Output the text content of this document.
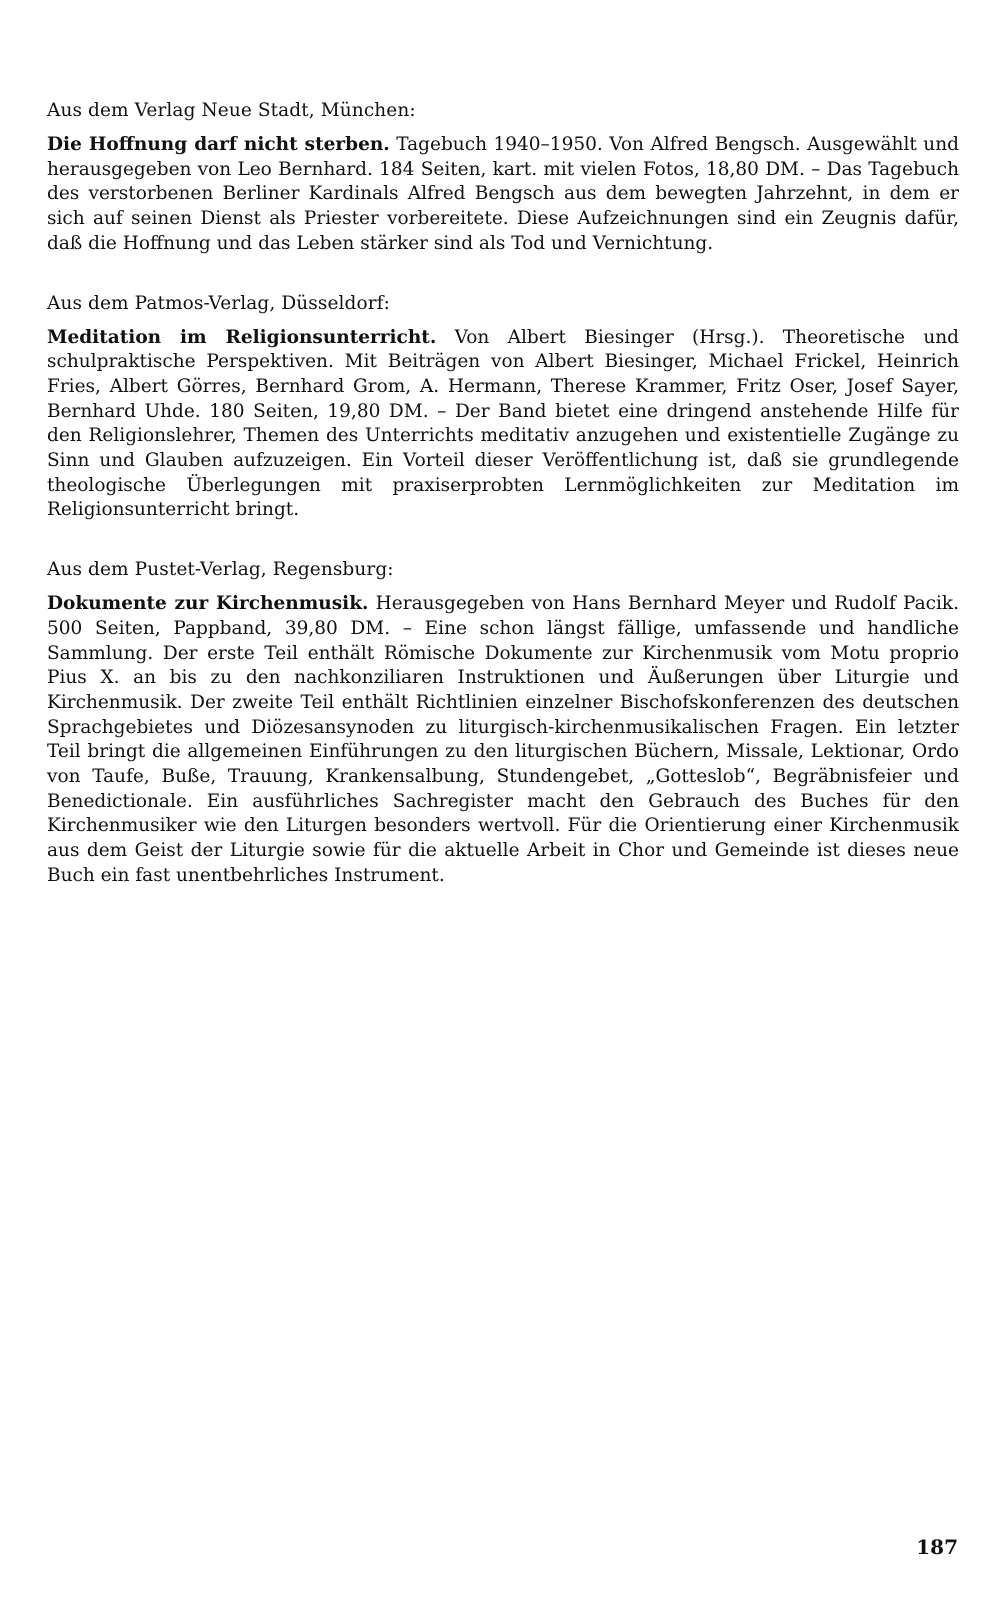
Aus dem Verlag Neue Stadt, München:

Die Hoffnung darf nicht sterben. Tagebuch 1940–1950. Von Alfred Bengsch. Ausgewählt und herausgegeben von Leo Bernhard. 184 Seiten, kart. mit vielen Fotos, 18,80 DM. – Das Tagebuch des verstorbenen Berliner Kardinals Alfred Bengsch aus dem bewegten Jahrzehnt, in dem er sich auf seinen Dienst als Priester vorbereitete. Diese Aufzeichnungen sind ein Zeugnis dafür, daß die Hoffnung und das Leben stärker sind als Tod und Vernichtung.

Aus dem Patmos-Verlag, Düsseldorf:

Meditation im Religionsunterricht. Von Albert Biesinger (Hrsg.). Theoretische und schulpraktische Perspektiven. Mit Beiträgen von Albert Biesinger, Michael Frickel, Heinrich Fries, Albert Görres, Bernhard Grom, A. Hermann, Therese Krammer, Fritz Oser, Josef Sayer, Bernhard Uhde. 180 Seiten, 19,80 DM. – Der Band bietet eine dringend anstehende Hilfe für den Religionslehrer, Themen des Unterrichts meditativ anzugehen und existentielle Zugänge zu Sinn und Glauben aufzuzeigen. Ein Vorteil dieser Veröffentlichung ist, daß sie grundlegende theologische Überlegungen mit praxiserprobten Lernmöglichkeiten zur Meditation im Religionsunterricht bringt.

Aus dem Pustet-Verlag, Regensburg:

Dokumente zur Kirchenmusik. Herausgegeben von Hans Bernhard Meyer und Rudolf Pacik. 500 Seiten, Pappband, 39,80 DM. – Eine schon längst fällige, umfassende und handliche Sammlung. Der erste Teil enthält Römische Dokumente zur Kirchenmusik vom Motu proprio Pius X. an bis zu den nachkonziliaren Instruktionen und Äußerungen über Liturgie und Kirchenmusik. Der zweite Teil enthält Richtlinien einzelner Bischofskonferenzen des deutschen Sprachgebietes und Diözesansynoden zu liturgisch-kirchenmusikalischen Fragen. Ein letzter Teil bringt die allgemeinen Einführungen zu den liturgischen Büchern, Missale, Lektionar, Ordo von Taufe, Buße, Trauung, Krankensalbung, Stundengebet, „Gotteslob“, Begräbnisfeier und Benedictionale. Ein ausführliches Sachregister macht den Gebrauch des Buches für den Kirchenmusiker wie den Liturgen besonders wertvoll. Für die Orientierung einer Kirchenmusik aus dem Geist der Liturgie sowie für die aktuelle Arbeit in Chor und Gemeinde ist dieses neue Buch ein fast unentbehrliches Instrument.

187
